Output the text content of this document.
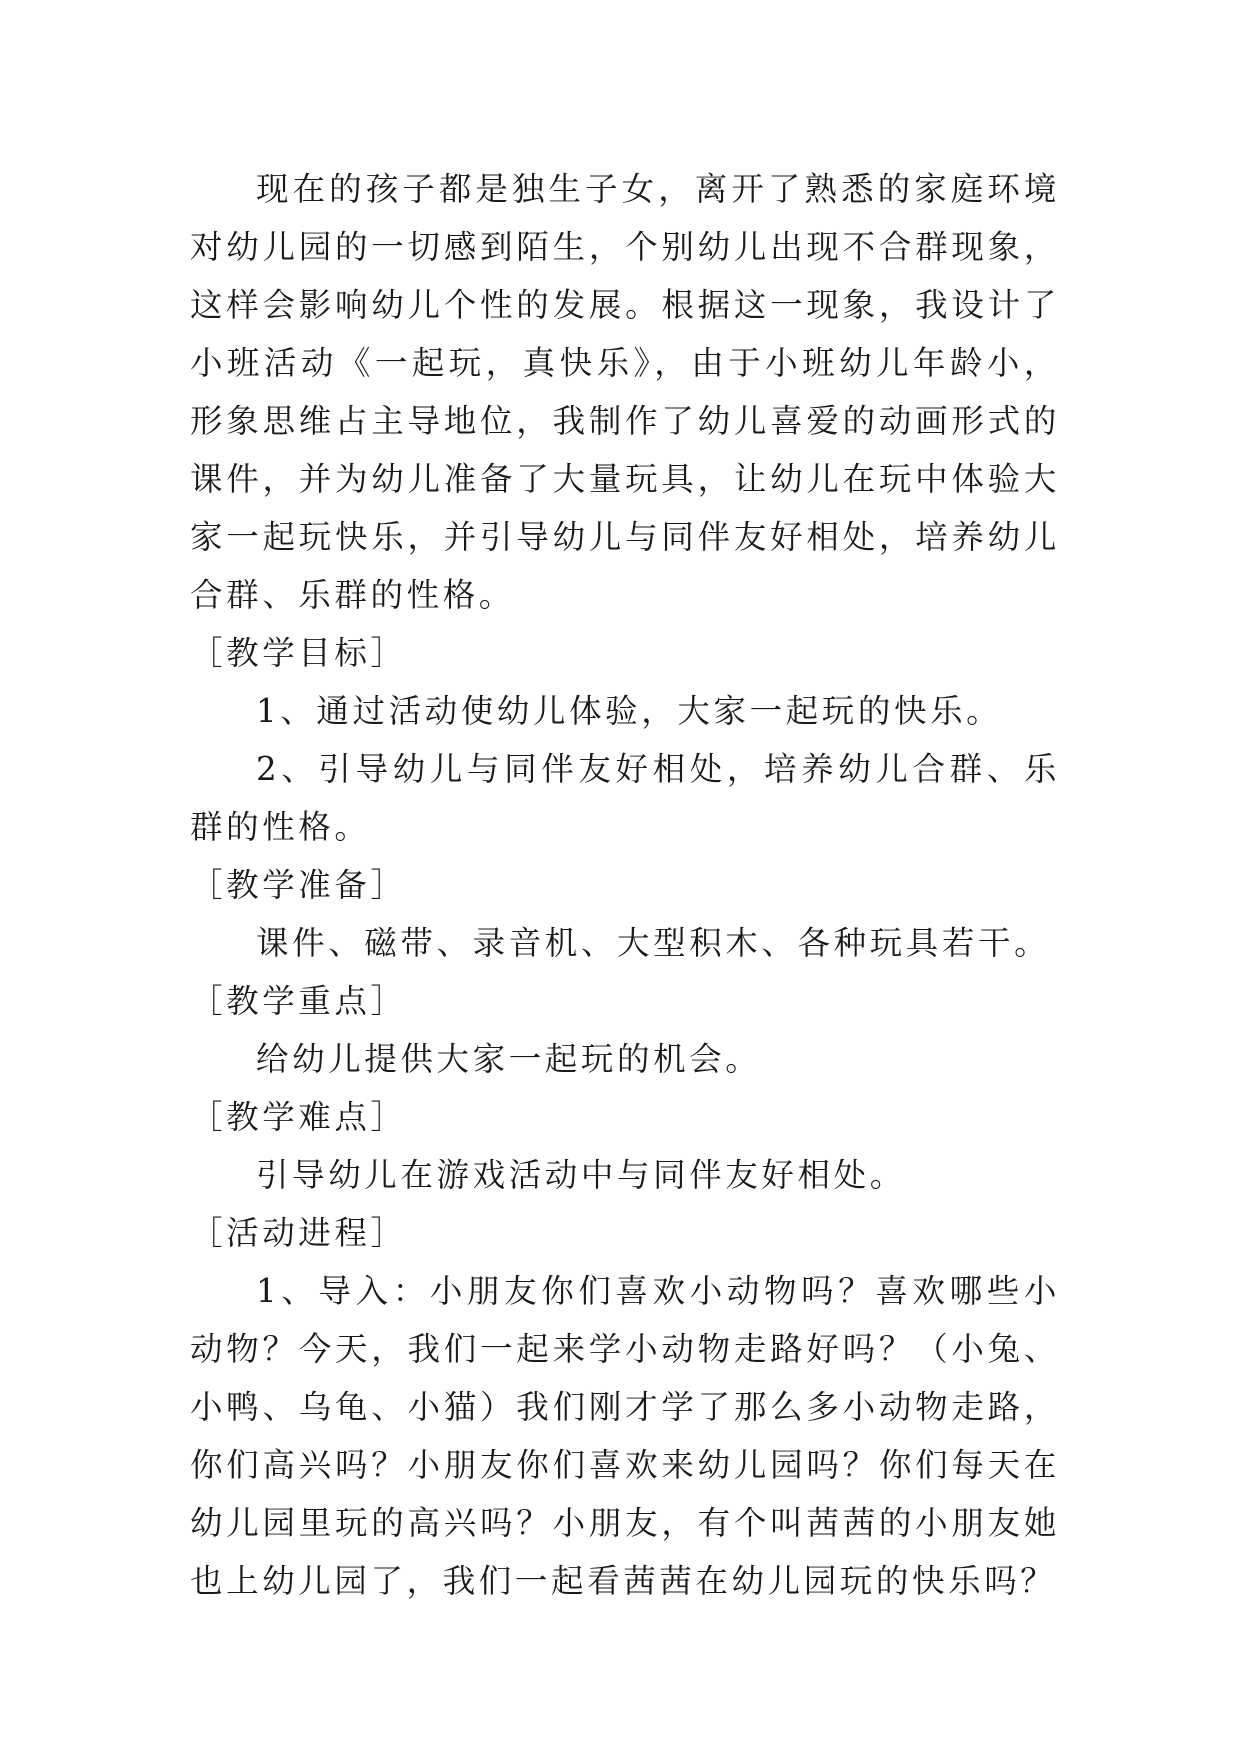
现在的孩子都是独生子女，离开了熟悉的家庭环境对幼儿园的一切感到陌生，个别幼儿出现不合群现象，这样会影响幼儿个性的发展。根据这一现象，我设计了小班活动《一起玩，真快乐》，由于小班幼儿年龄小，形象思维占主导地位，我制作了幼儿喜爱的动画形式的课件，并为幼儿准备了大量玩具，让幼儿在玩中体验大家一起玩快乐，并引导幼儿与同伴友好相处，培养幼儿合群、乐群的性格。

［教学目标］

1、通过活动使幼儿体验，大家一起玩的快乐。

2、引导幼儿与同伴友好相处，培养幼儿合群、乐群的性格。

［教学准备］

课件、磁带、录音机、大型积木、各种玩具若干。

［教学重点］

给幼儿提供大家一起玩的机会。

［教学难点］

引导幼儿在游戏活动中与同伴友好相处。

［活动进程］

1、导入：小朋友你们喜欢小动物吗？喜欢哪些小动物？今天，我们一起来学小动物走路好吗？（小兔、小鸭、乌龟、小猫）我们刚才学了那么多小动物走路，你们高兴吗？小朋友你们喜欢来幼儿园吗？你们每天在幼儿园里玩的高兴吗？小朋友，有个叫茜茜的小朋友她也上幼儿园了，我们一起看茜茜在幼儿园玩的快乐吗？
